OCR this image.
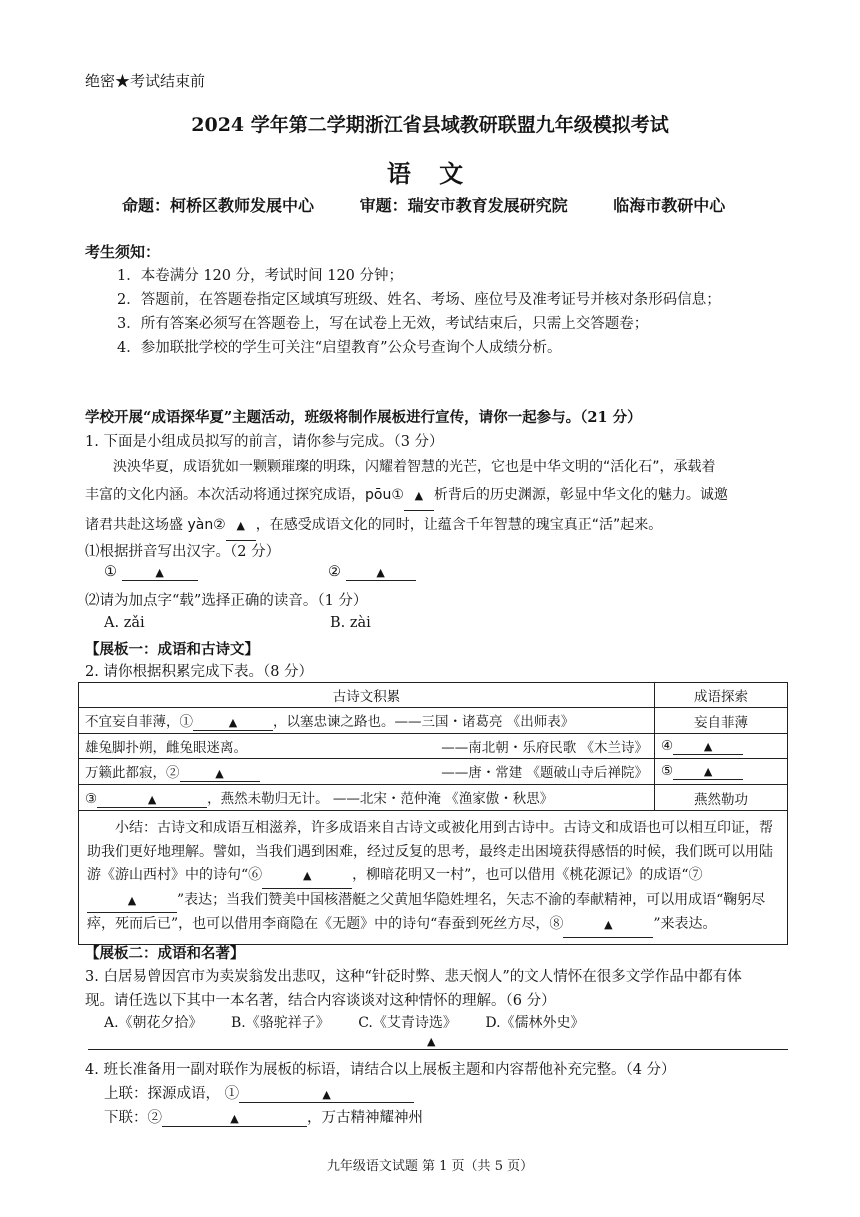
绝密★考试结束前
2024 学年第二学期浙江省县域教研联盟九年级模拟考试
语 文
命题：柯桥区教师发展中心	审题：瑞安市教育发展研究院	临海市教研中心
考生须知：
1．本卷满分 120 分，考试时间 120 分钟；
2．答题前，在答题卷指定区域填写班级、姓名、考场、座位号及准考证号并核对条形码信息；
3．所有答案必须写在答题卷上，写在试卷上无效，考试结束后，只需上交答题卷；
4．参加联批学校的学生可关注“启望教育”公众号查询个人成绩分析。
学校开展“成语探华夏”主题活动，班级将制作展板进行宣传，请你一起参与。（21 分）
1. 下面是小组成员拟写的前言，请你参与完成。（3 分）
泱泱华夏，成语犹如一颗颗璀璨的明珠，闪耀着智慧的光芒，它也是中华文明的“活化石”，承载着
丰富的文化内涵。本次活动将通过探究成语，pōu① ▲ 析背后的历史渊源，彰显中华文化的魅力。诚邀
诸君共赴这场盛 yàn② ▲ ，在感受成语文化的同时，让蕴含千年智慧的瑰宝真正“活”起来。
⑴根据拼音写出汉字。（2 分）
①	▲	②	▲
⑵请为加点字“载”选择正确的读音。（1 分）
A. zǎi	B. zài
【展板一：成语和古诗文】
2. 请你根据积累完成下表。（8 分）
古诗文积累	成语探索
不宜妄自菲薄，① ▲ ，以塞忠谏之路也。——三国・诸葛亮 《出师表》	妄自菲薄
雄兔脚扑朔，雌兔眼迷离。 ——南北朝・乐府民歌 《木兰诗》	④ ▲
万籁此都寂，② ▲ ——唐・常建 《题破山寺后禅院》	⑤ ▲
③ ▲ ，燕然未勒归无计。 ——北宋・范仲淹 《渔家傲・秋思》	燕然勒功
小结：古诗文和成语互相滋养，许多成语来自古诗文或被化用到古诗中。古诗文和成语也可以相互印证，帮助我们更好地理解。譬如，当我们遇到困难，经过反复的思考，最终走出困境获得感悟的时候，我们既可以用陆游《游山西村》中的诗句“⑥ ▲ ，柳暗花明又一村”，也可以借用《桃花源记》的成语“⑦▲ ”表达；当我们赞美中国核潜艇之父黄旭华隐姓埋名，矢志不渝的奉献精神，可以用成语“鞠躬尽瘁，死而后已”，也可以借用李商隐在《无题》中的诗句“春蚕到死丝方尽，⑧ ▲ ”来表达。	
【展板二：成语和名著】
3. 白居易曾因宫市为卖炭翁发出悲叹，这种“针砭时弊、悲天悯人”的文人情怀在很多文学作品中都有体
现。请任选以下其中一本名著，结合内容谈谈对这种情怀的理解。（6 分）
A.《朝花夕拾》 B.《骆驼祥子》 C.《艾青诗选》 D.《儒林外史》
▲
4. 班长准备用一副对联作为展板的标语，请结合以上展板主题和内容帮他补充完整。（4 分）
上联：探源成语， ①	▲
下联：②	▲	，万古精神耀神州
九年级语文试题 第 1 页（共 5 页）
